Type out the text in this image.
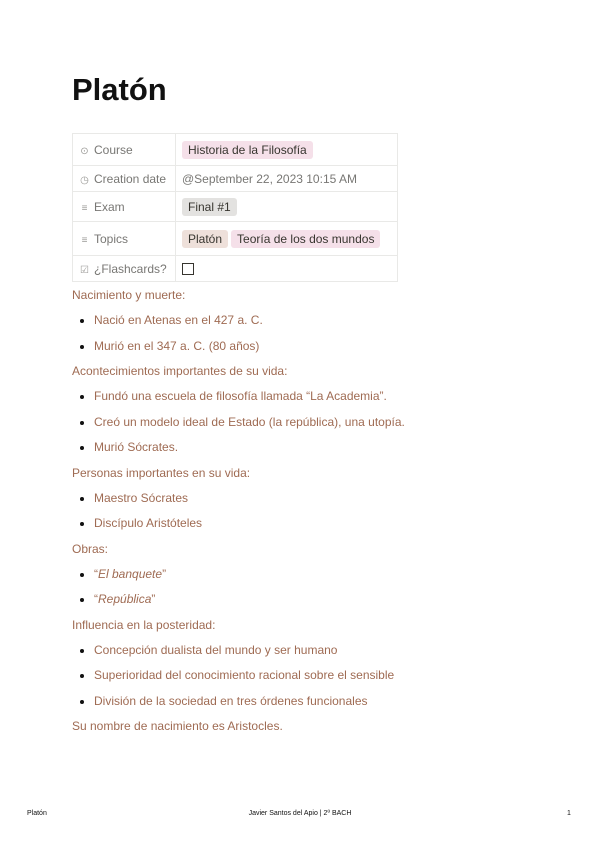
Platón
⊙ Course	Historia de la Filosofía
◷ Creation date	@September 22, 2023 10:15 AM
≡ Exam	Final #1
≡ Topics	Platón Teoría de los dos mundos
☑ ¿Flashcards?	

Nacimiento y muerte:

Nació en Atenas en el 427 a. C.
Murió en el 347 a. C. (80 años)

Acontecimientos importantes de su vida:

Fundó una escuela de filosofía llamada “La Academia”.
Creó un modelo ideal de Estado (la república), una utopía.
Murió Sócrates.

Personas importantes en su vida:

Maestro Sócrates
Discípulo Aristóteles

Obras:

“El banquete”
“República”

Influencia en la posteridad:

Concepción dualista del mundo y ser humano
Superioridad del conocimiento racional sobre el sensible
División de la sociedad en tres órdenes funcionales

Su nombre de nacimiento es Aristocles.

Platón	Javier Santos del Apio | 2º BACH	1
